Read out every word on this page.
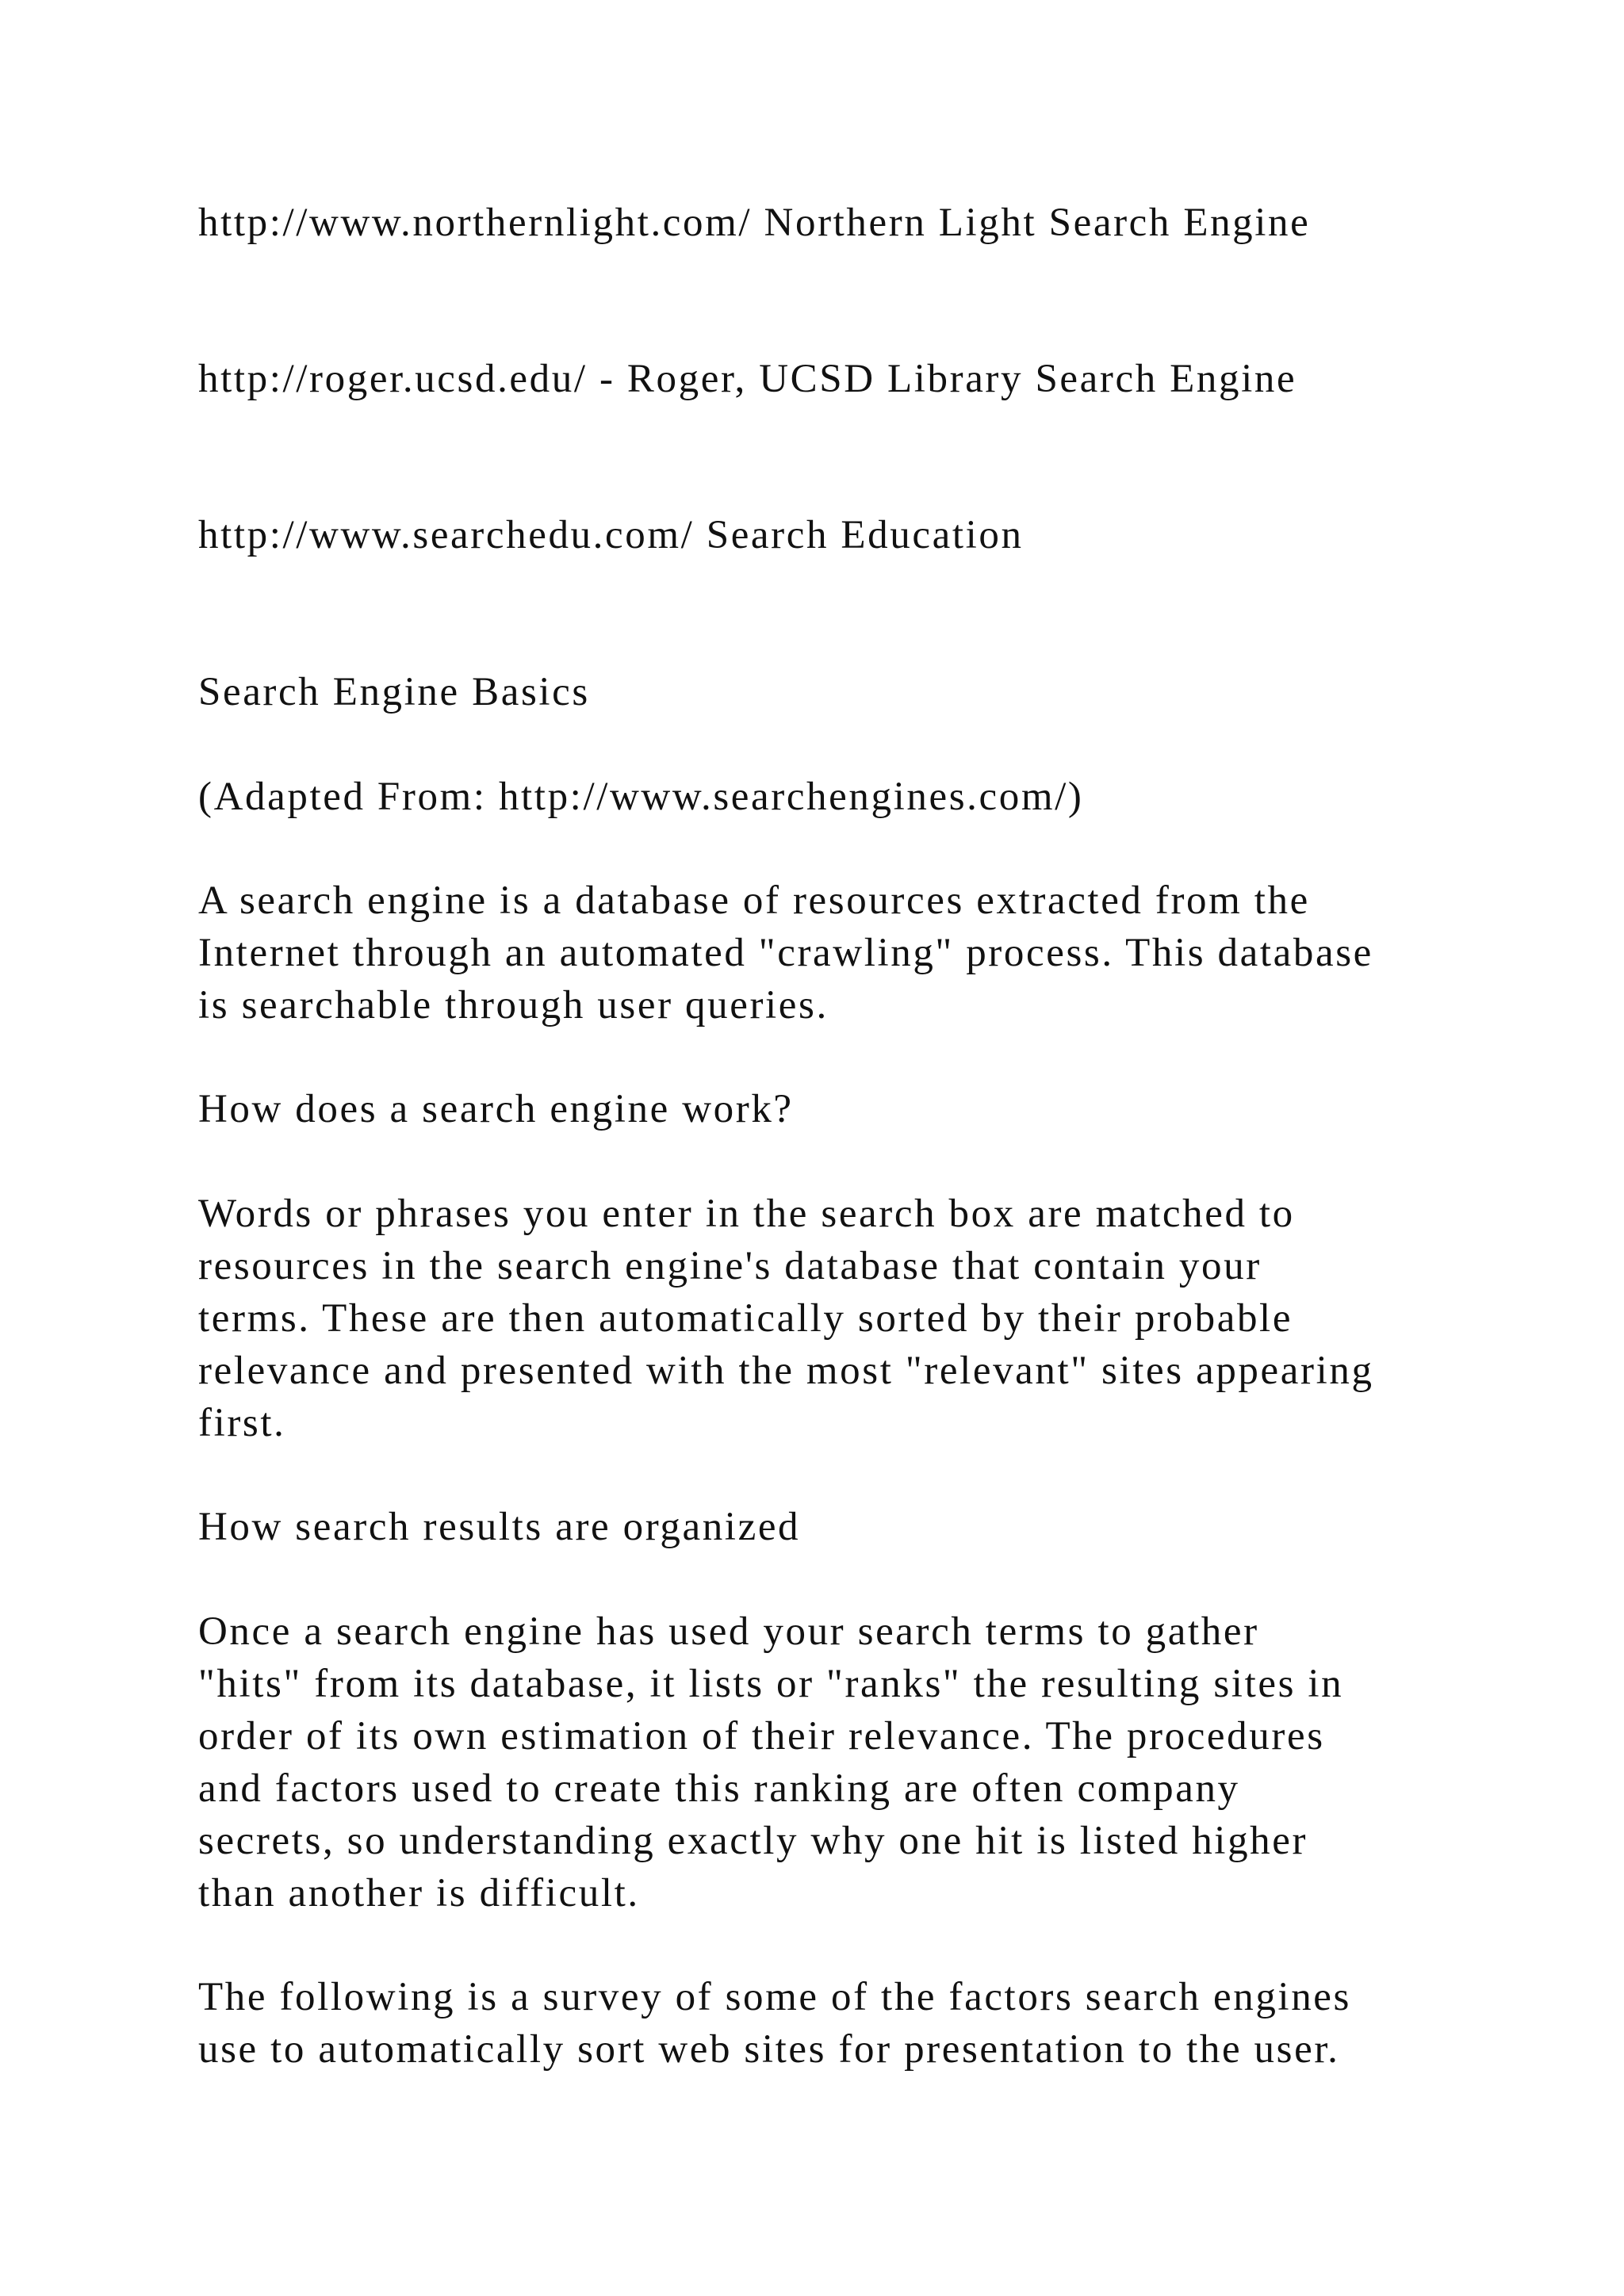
http://www.northernlight.com/ Northern Light Search Engine

http://roger.ucsd.edu/ - Roger, UCSD Library Search Engine

http://www.searchedu.com/ Search Education

Search Engine Basics

(Adapted From: http://www.searchengines.com/)

A search engine is a database of resources extracted from the
Internet through an automated "crawling" process. This database
is searchable through user queries.

How does a search engine work?

Words or phrases you enter in the search box are matched to
resources in the search engine's database that contain your
terms. These are then automatically sorted by their probable
relevance and presented with the most "relevant" sites appearing
first.

How search results are organized

Once a search engine has used your search terms to gather
"hits" from its database, it lists or "ranks" the resulting sites in
order of its own estimation of their relevance. The procedures
and factors used to create this ranking are often company
secrets, so understanding exactly why one hit is listed higher
than another is difficult.
The following is a survey of some of the factors search engines
use to automatically sort web sites for presentation to the user.
